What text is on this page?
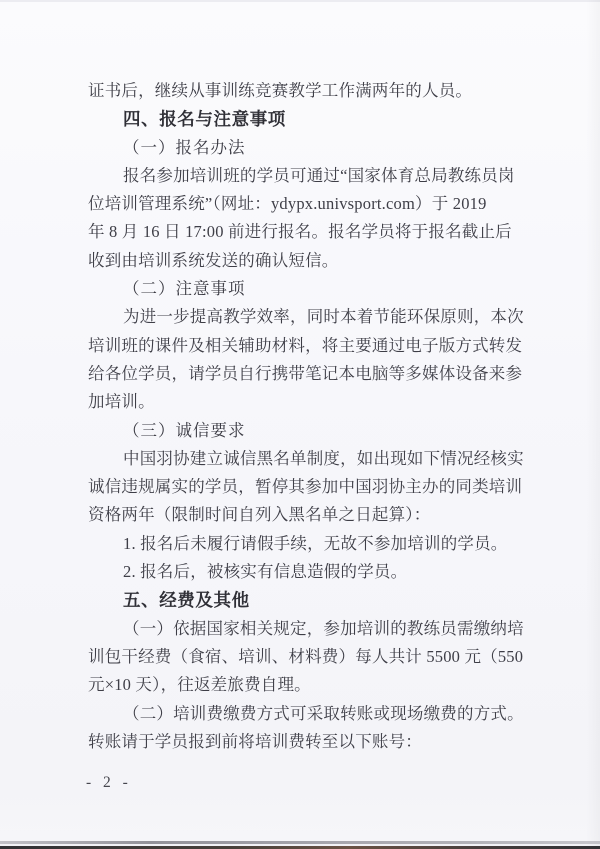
证书后，继续从事训练竞赛教学工作满两年的人员。
四、报名与注意事项
（一）报名办法
报名参加培训班的学员可通过“国家体育总局教练员岗
位培训管理系统”（网址：ydypx.univsport.com）于 2019
年 8 月 16 日 17:00 前进行报名。报名学员将于报名截止后
收到由培训系统发送的确认短信。
（二）注意事项
为进一步提高教学效率，同时本着节能环保原则，本次
培训班的课件及相关辅助材料，将主要通过电子版方式转发
给各位学员，请学员自行携带笔记本电脑等多媒体设备来参
加培训。
（三）诚信要求
中国羽协建立诚信黑名单制度，如出现如下情况经核实
诚信违规属实的学员，暂停其参加中国羽协主办的同类培训
资格两年（限制时间自列入黑名单之日起算）：
1. 报名后未履行请假手续，无故不参加培训的学员。
2. 报名后，被核实有信息造假的学员。
五、经费及其他
（一）依据国家相关规定，参加培训的教练员需缴纳培
训包干经费（食宿、培训、材料费）每人共计 5500 元（550
元×10 天），往返差旅费自理。
（二）培训费缴费方式可采取转账或现场缴费的方式。
转账请于学员报到前将培训费转至以下账号：
- 2 -
